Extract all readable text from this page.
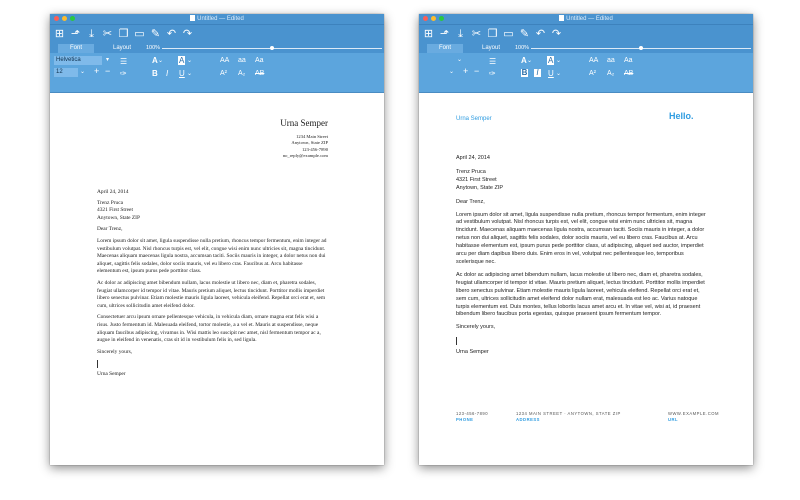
Untitled — Edited
⊞ ⬏ ⤓ ✂ ❐ ▭ ✎ ↶ ↷
Font	Layout	100%
Helvetica	▾
12	⌄ + −
☰
✑
A ⌄ A ⌄
B I U ⌄
AA aa Aa
A² A₂ AB
Urna Semper

1234 Main Street

Anytown, State ZIP

123-456-7890

no_reply@example.com

April 24, 2014

Trenz Pruca

4321 First Street

Anytown, State ZIP

Dear Trenz,

Lorem ipsum dolor sit amet, ligula suspendisse nulla pretium, rhoncus tempor fermentum, enim integer ad vestibulum volutpat. Nisl rhoncus turpis est, vel elit, congue wisi enim nunc ultricies sit, magna tincidunt. Maecenas aliquam maecenas ligula nostra, accumsan taciti. Sociis mauris in integer, a dolor netus non dui aliquet, sagittis felis sodales, dolor sociis mauris, vel eu libero cras. Faucibus at. Arcu habitasse elementum est, ipsum purus pede porttitor class.

Ac dolor ac adipiscing amet bibendum nullam, lacus molestie ut libero nec, diam et, pharetra sodales, feugiat ullamcorper id tempor id vitae. Mauris pretium aliquet, lectus tincidunt. Porttitor mollis imperdiet libero senectus pulvinar. Etiam molestie mauris ligula laoreet, vehicula eleifend. Repellat orci erat et, sem cum, ultrices sollicitudin amet eleifend dolor.

Consectetuer arcu ipsum ornare pellentesque vehicula, in vehicula diam, ornare magna erat felis wisi a risus. Justo fermentum id. Malesuada eleifend, tortor molestie, a a vel et. Mauris at suspendisse, neque aliquam faucibus adipiscing, vivamus in. Wisi mattis leo suscipit nec amet, nisl fermentum tempor ac a, augue in eleifend in venenatis, cras sit id in vestibulum felis in, sed ligula.

Sincerely yours,

Urna Semper

Untitled — Edited
⊞ ⬏ ⤓ ✂ ❐ ▭ ✎ ↶ ↷
Font	Layout	100%
⌄
⌄ + −
☰
✑
A ⌄ A ⌄
B I U ⌄
AA aa Aa
A² A₂ AB
Urna Semper	Hello.

April 24, 2014

Trenz Pruca

4321 First Street

Anytown, State ZIP

Dear Trenz,

Lorem ipsum dolor sit amet, ligula suspendisse nulla pretium, rhoncus tempor fermentum, enim integer ad vestibulum volutpat. Nisl rhoncus turpis est, vel elit, congue wisi enim nunc ultricies sit, magna tincidunt. Maecenas aliquam maecenas ligula nostra, accumsan taciti. Sociis mauris in integer, a dolor netus non dui aliquet, sagittis felis sodales, dolor sociis mauris, vel eu libero cras. Faucibus at. Arcu habitasse elementum est, ipsum purus pede porttitor class, ut adipiscing, aliquet sed auctor, imperdiet arcu per diam dapibus libero duis. Enim eros in vel, volutpat nec pellentesque leo, temporibus scelerisque nec.

Ac dolor ac adipiscing amet bibendum nullam, lacus molestie ut libero nec, diam et, pharetra sodales, feugiat ullamcorper id tempor id vitae. Mauris pretium aliquet, lectus tincidunt. Porttitor mollis imperdiet libero senectus pulvinar. Etiam molestie mauris ligula laoreet, vehicula eleifend. Repellat orci erat et, sem cum, ultrices sollicitudin amet eleifend dolor nullam erat, malesuada est leo ac. Varius natoque turpis elementum est. Duis montes, tellus lobortis lacus amet arcu et. In vitae vel, wisi at, id praesent bibendum libero faucibus porta egestas, quisque praesent ipsum fermentum tempor.

Sincerely yours,

Urna Semper

123-456-7890
PHONE
1234 MAIN STREET · ANYTOWN, STATE ZIP
ADDRESS
WWW.EXAMPLE.COM
URL
